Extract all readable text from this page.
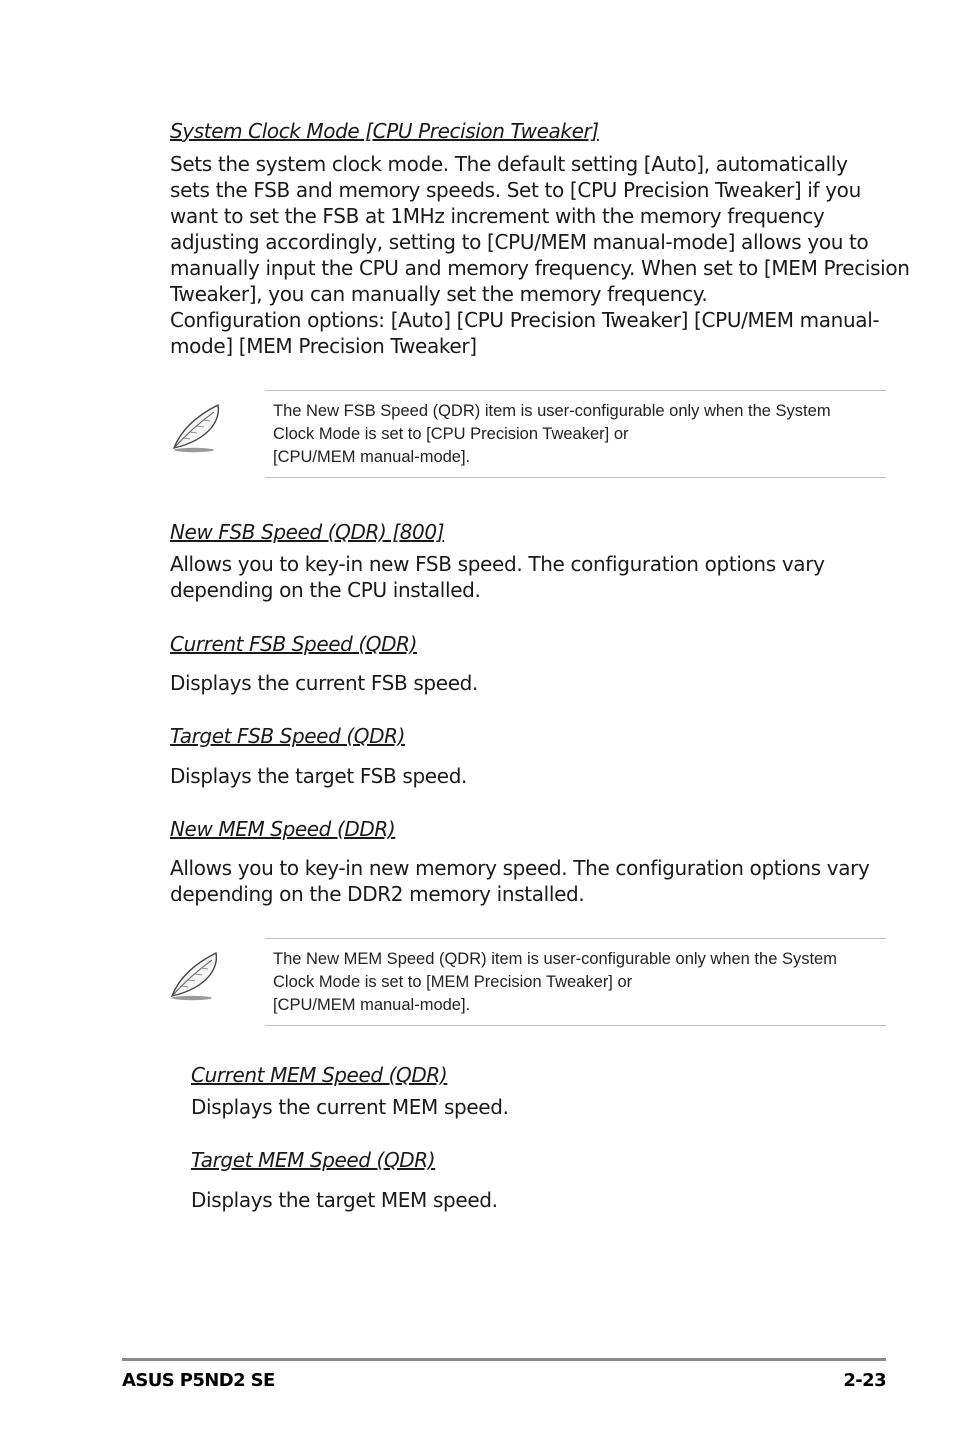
System Clock Mode [CPU Precision Tweaker]

Sets the system clock mode. The default setting [Auto], automatically
sets the FSB and memory speeds. Set to [CPU Precision Tweaker] if you
want to set the FSB at 1MHz increment with the memory frequency
adjusting accordingly, setting to [CPU/MEM manual-mode] allows you to
manually input the CPU and memory frequency. When set to [MEM Precision
Tweaker], you can manually set the memory frequency.
Configuration options: [Auto] [CPU Precision Tweaker] [CPU/MEM manual-
mode] [MEM Precision Tweaker]
The New FSB Speed (QDR) item is user-configurable only when the System
Clock Mode is set to [CPU Precision Tweaker] or
[CPU/MEM manual-mode].

New FSB Speed (QDR) [800]

Allows you to key-in new FSB speed. The configuration options vary
depending on the CPU installed.

Current FSB Speed (QDR)

Displays the current FSB speed.

Target FSB Speed (QDR)

Displays the target FSB speed.

New MEM Speed (DDR)

Allows you to key-in new memory speed. The configuration options vary
depending on the DDR2 memory installed.
The New MEM Speed (QDR) item is user-configurable only when the System
Clock Mode is set to [MEM Precision Tweaker] or
[CPU/MEM manual-mode].

Current MEM Speed (QDR)

Displays the current MEM speed.

Target MEM Speed (QDR)

Displays the target MEM speed.

ASUS P5ND2 SE	2-23
